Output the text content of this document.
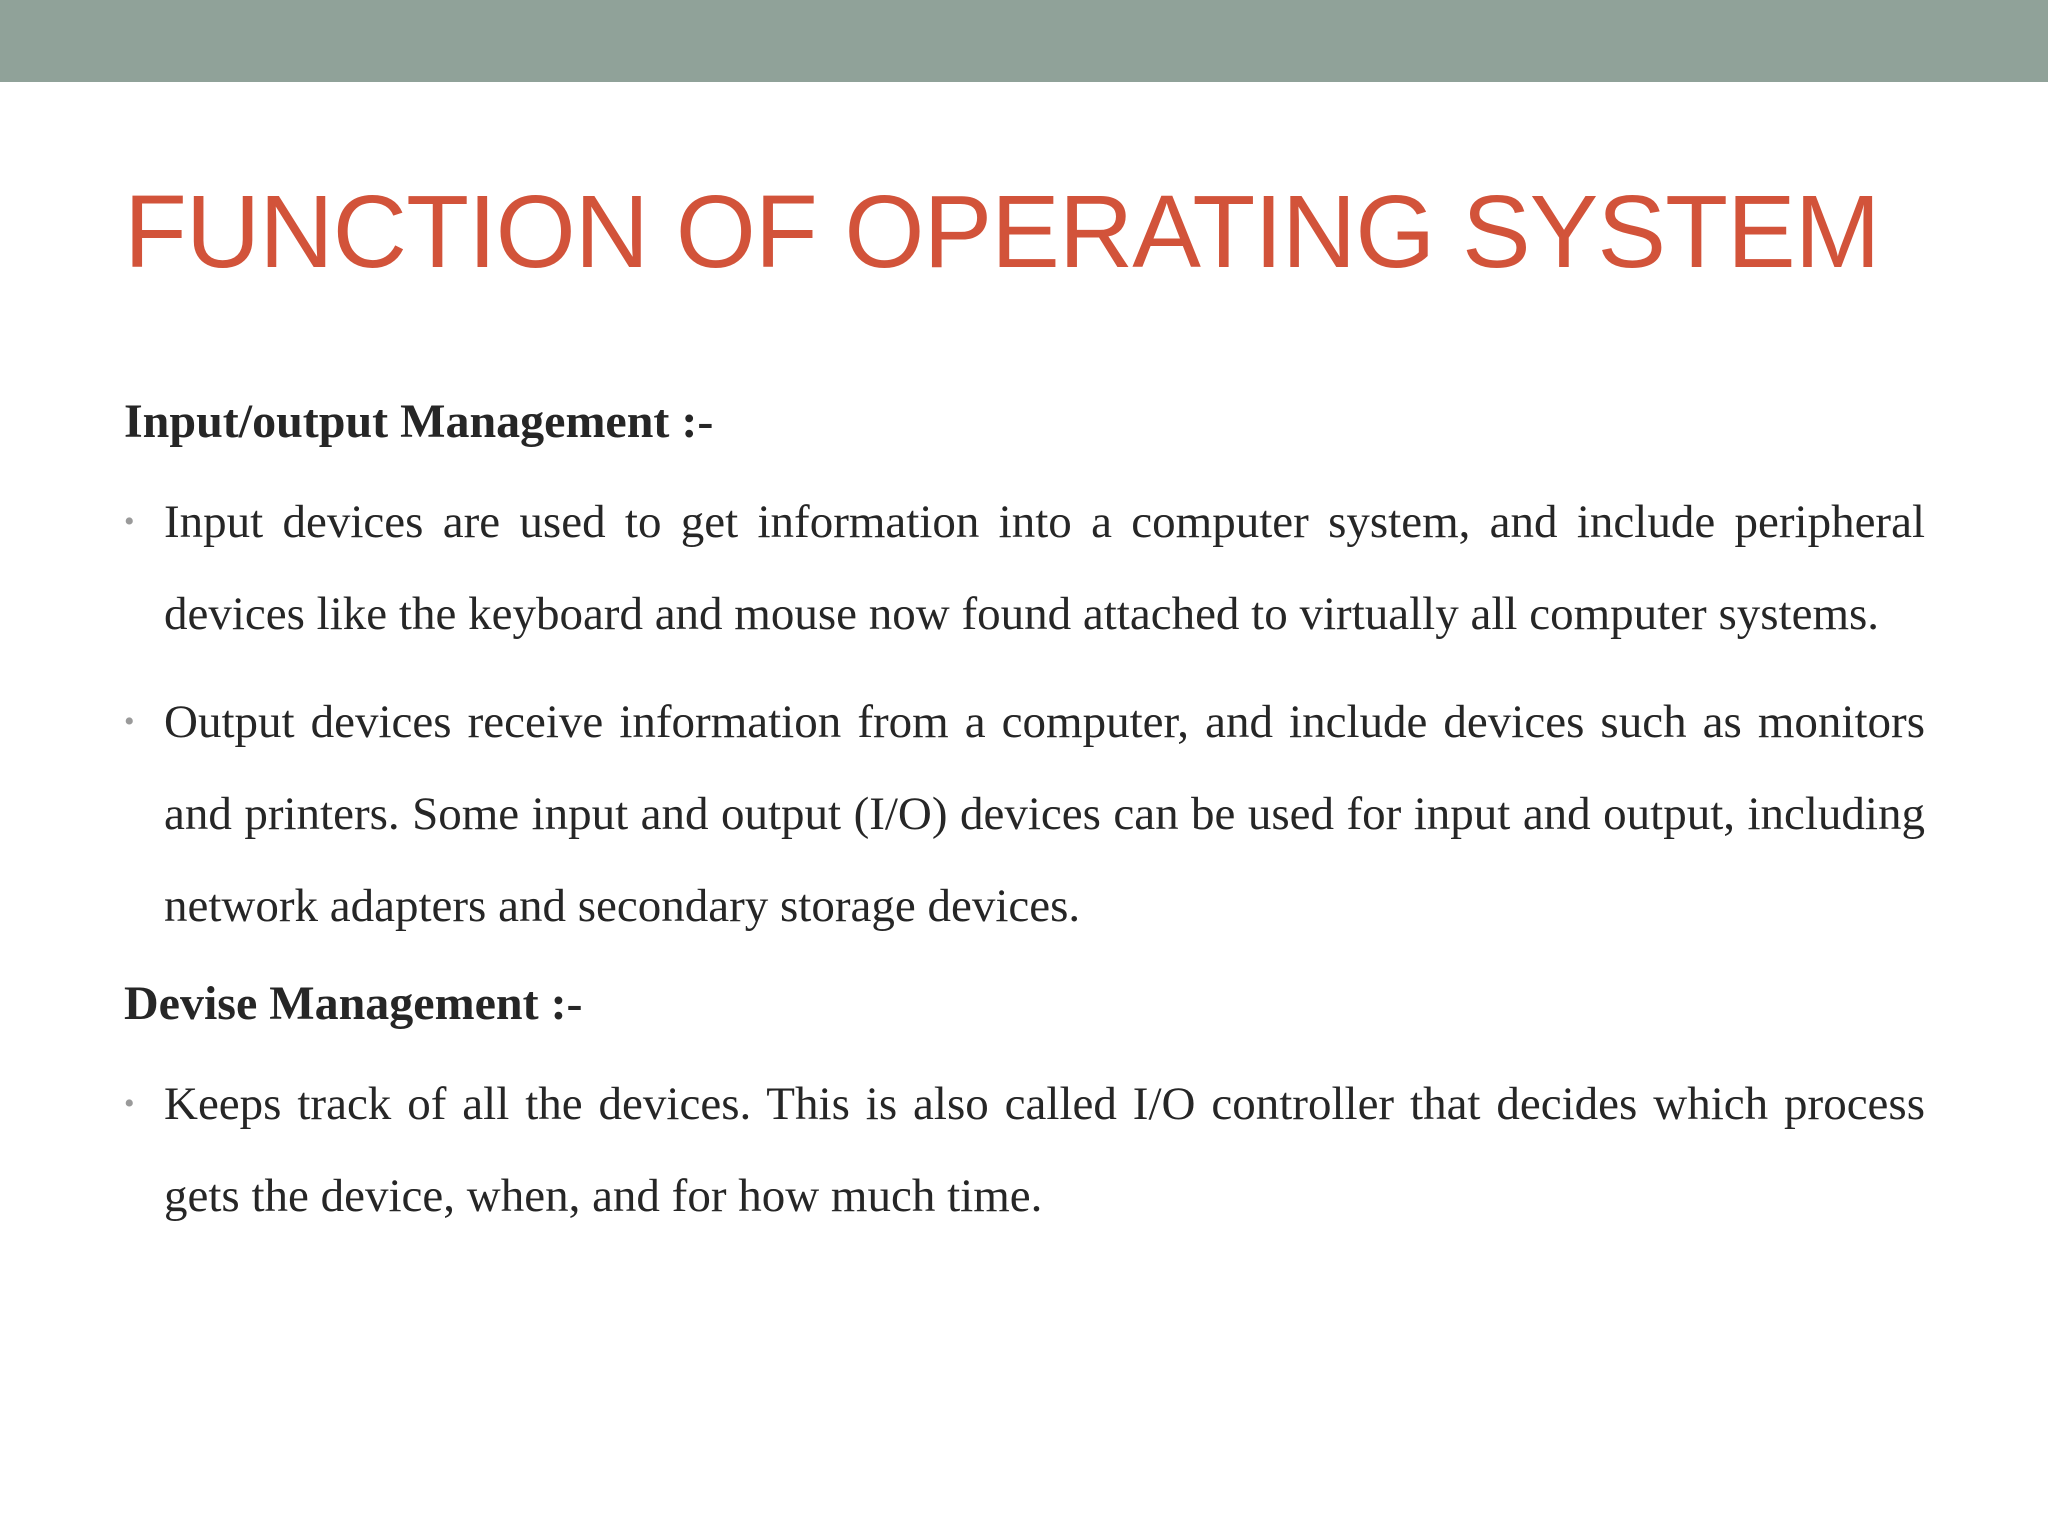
FUNCTION OF OPERATING SYSTEM
Input/output Management :-
• Input devices are used to get information into a computer system, and include peripheral devices like the keyboard and mouse now found attached to virtually all computer systems.
• Output devices receive information from a computer, and include devices such as monitors and printers. Some input and output (I/O) devices can be used for input and output, including network adapters and secondary storage devices.
Devise Management :-
• Keeps track of all the devices. This is also called I/O controller that decides which process gets the device, when, and for how much time.
